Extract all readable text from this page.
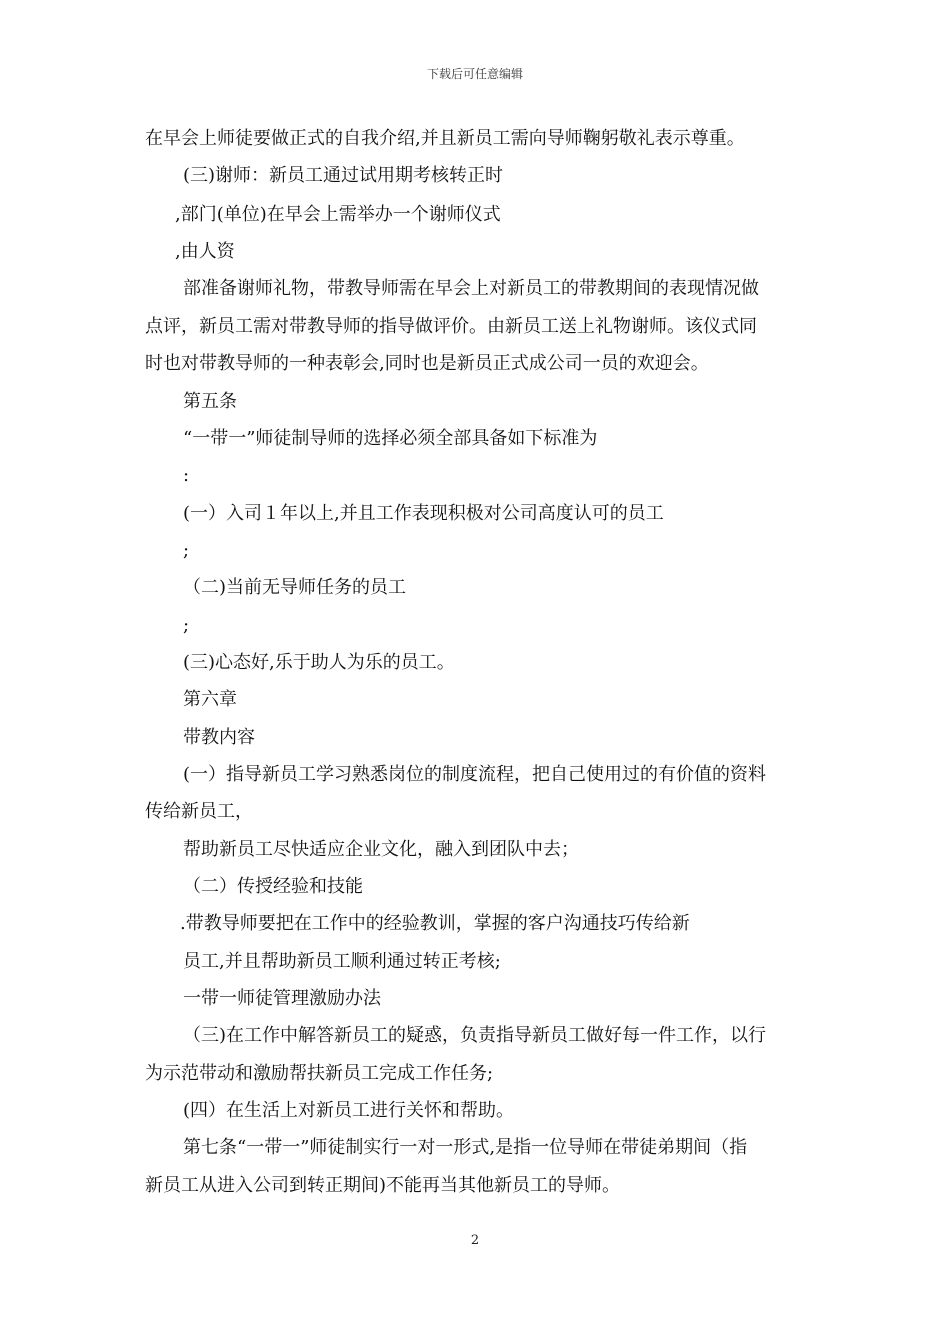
下载后可任意编辑
在早会上师徒要做正式的自我介绍,并且新员工需向导师鞠躬敬礼表示尊重。
(三)谢师：新员工通过试用期考核转正时
,部门(单位)在早会上需举办一个谢师仪式
,由人资
部准备谢师礼物，带教导师需在早会上对新员工的带教期间的表现情况做
点评，新员工需对带教导师的指导做评价。由新员工送上礼物谢师。该仪式同
时也对带教导师的一种表彰会,同时也是新员正式成公司一员的欢迎会。
第五条
“一带一”师徒制导师的选择必须全部具备如下标准为
:
(一）入司１年以上,并且工作表现积极对公司高度认可的员工
;
（二)当前无导师任务的员工
;
(三)心态好,乐于助人为乐的员工。
第六章
带教内容
(一）指导新员工学习熟悉岗位的制度流程，把自己使用过的有价值的资料
传给新员工，
帮助新员工尽快适应企业文化，融入到团队中去；
（二）传授经验和技能
.带教导师要把在工作中的经验教训，掌握的客户沟通技巧传给新
员工,并且帮助新员工顺利通过转正考核;
一带一师徒管理激励办法
（三)在工作中解答新员工的疑惑，负责指导新员工做好每一件工作，以行
为示范带动和激励帮扶新员工完成工作任务;
(四）在生活上对新员工进行关怀和帮助。
第七条“一带一”师徒制实行一对一形式,是指一位导师在带徒弟期间（指
新员工从进入公司到转正期间)不能再当其他新员工的导师。
2
